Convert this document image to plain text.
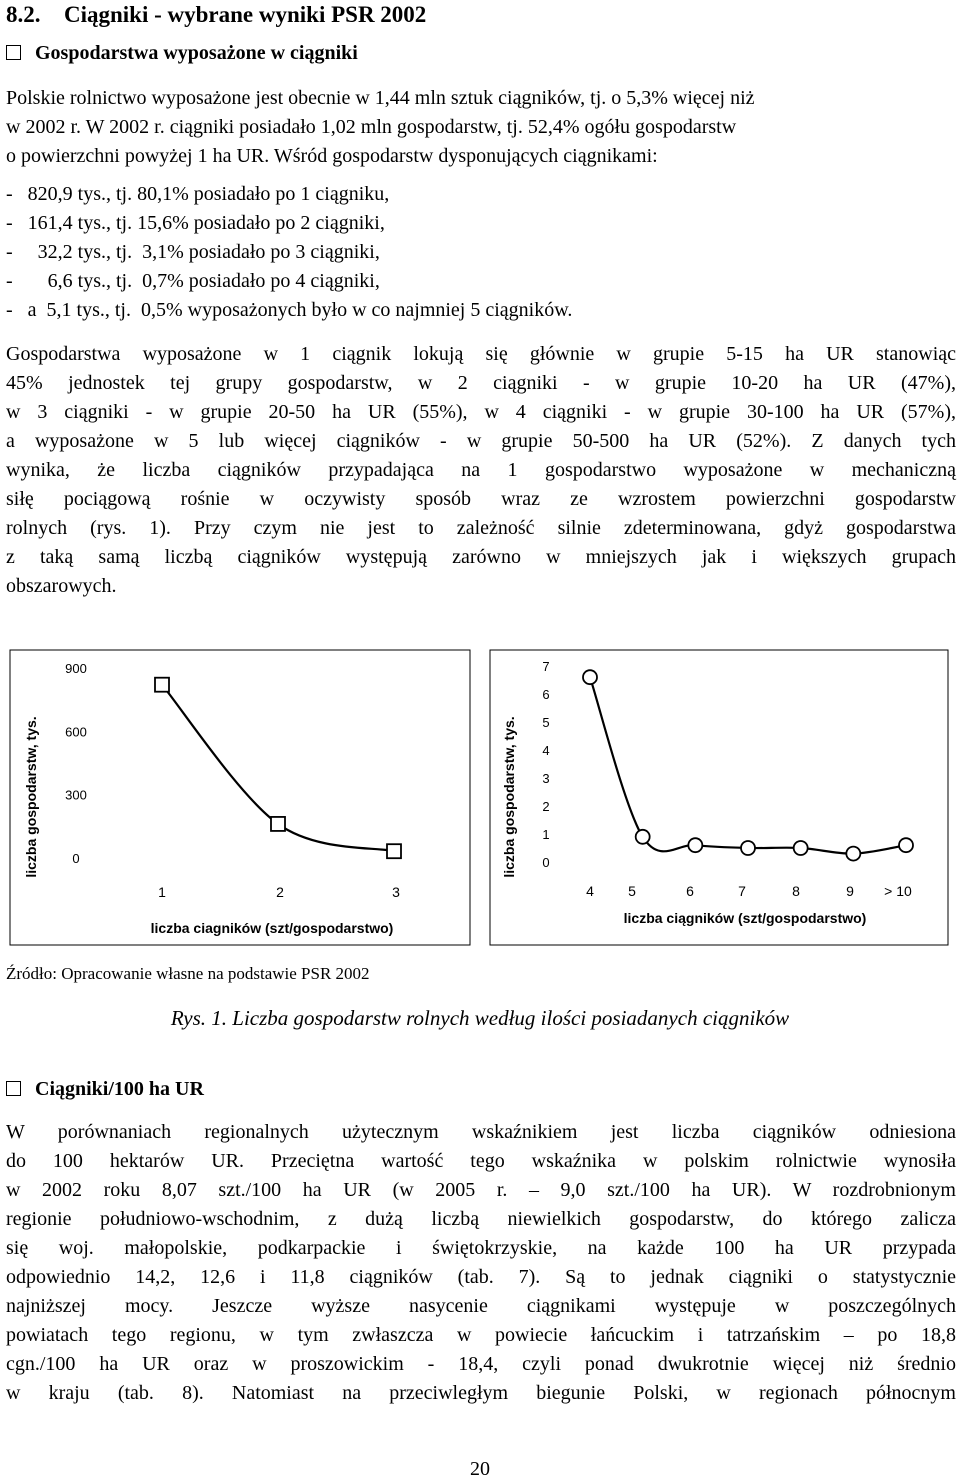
8.2. Ciągniki - wybrane wyniki PSR 2002
Gospodarstwa wyposażone w ciągniki
Polskie rolnictwo wyposażone jest obecnie w 1,44 mln sztuk ciągników, tj. o 5,3% więcej niż
w 2002 r. W 2002 r. ciągniki posiadało 1,02 mln gospodarstw, tj. 52,4% ogółu gospodarstw
o powierzchni powyżej 1 ha UR. Wśród gospodarstw dysponujących ciągnikami:
-   820,9 tys., tj. 80,1% posiadało po 1 ciągniku,
-   161,4 tys., tj. 15,6% posiadało po 2 ciągniki,
-     32,2 tys., tj.  3,1% posiadało po 3 ciągniki,
-       6,6 tys., tj.  0,7% posiadało po 4 ciągniki,
-   a  5,1 tys., tj.  0,5% wyposażonych było w co najmniej 5 ciągników.
Gospodarstwa wyposażone w 1 ciągnik lokują się głównie w grupie 5-15 ha UR stanowiąc
45% jednostek tej grupy gospodarstw, w 2 ciągniki - w grupie 10-20 ha UR (47%),
w 3 ciągniki - w grupie 20-50 ha UR (55%), w 4 ciągniki - w grupie 30-100 ha UR (57%),
a wyposażone w 5 lub więcej ciągników - w grupie 50-500 ha UR (52%). Z danych tych
wynika, że liczba ciągników przypadająca na 1 gospodarstwo wyposażone w mechaniczną
siłę pociągową rośnie w oczywisty sposób wraz ze wzrostem powierzchni gospodarstw
rolnych (rys. 1). Przy czym nie jest to zależność silnie zdeterminowana, gdyż gospodarstwa
z taką samą liczbą ciągników występują zarówno w mniejszych jak i większych grupach
obszarowych.
liczba gospodarstw, tys.
900
600
300
0
1	2	3
liczba ciagników (szt/gospodarstwo)
liczba gospodarstw, tys.
7
6
5
4
3
2
1
0
4 5	6	7	8	9 > 10
liczba ciągników (szt/gospodarstwo)
Źródło: Opracowanie własne na podstawie PSR 2002
Rys. 1. Liczba gospodarstw rolnych według ilości posiadanych ciągników
Ciągniki/100 ha UR
W porównaniach regionalnych użytecznym wskaźnikiem jest liczba ciągników odniesiona
do 100 hektarów UR. Przeciętna wartość tego wskaźnika w polskim rolnictwie wynosiła
w 2002 roku 8,07 szt./100 ha UR (w 2005 r. – 9,0 szt./100 ha UR). W rozdrobnionym
regionie południowo-wschodnim, z dużą liczbą niewielkich gospodarstw, do którego zalicza
się woj. małopolskie, podkarpackie i świętokrzyskie, na każde 100 ha UR przypada
odpowiednio 14,2, 12,6 i 11,8 ciągników (tab. 7). Są to jednak ciągniki o statystycznie
najniższej mocy. Jeszcze wyższe nasycenie ciągnikami występuje w poszczególnych
powiatach tego regionu, w tym zwłaszcza w powiecie łańcuckim i tatrzańskim – po 18,8
cgn./100 ha UR oraz w proszowickim - 18,4, czyli ponad dwukrotnie więcej niż średnio
w kraju (tab. 8). Natomiast na przeciwległym biegunie Polski, w regionach północnym
20
